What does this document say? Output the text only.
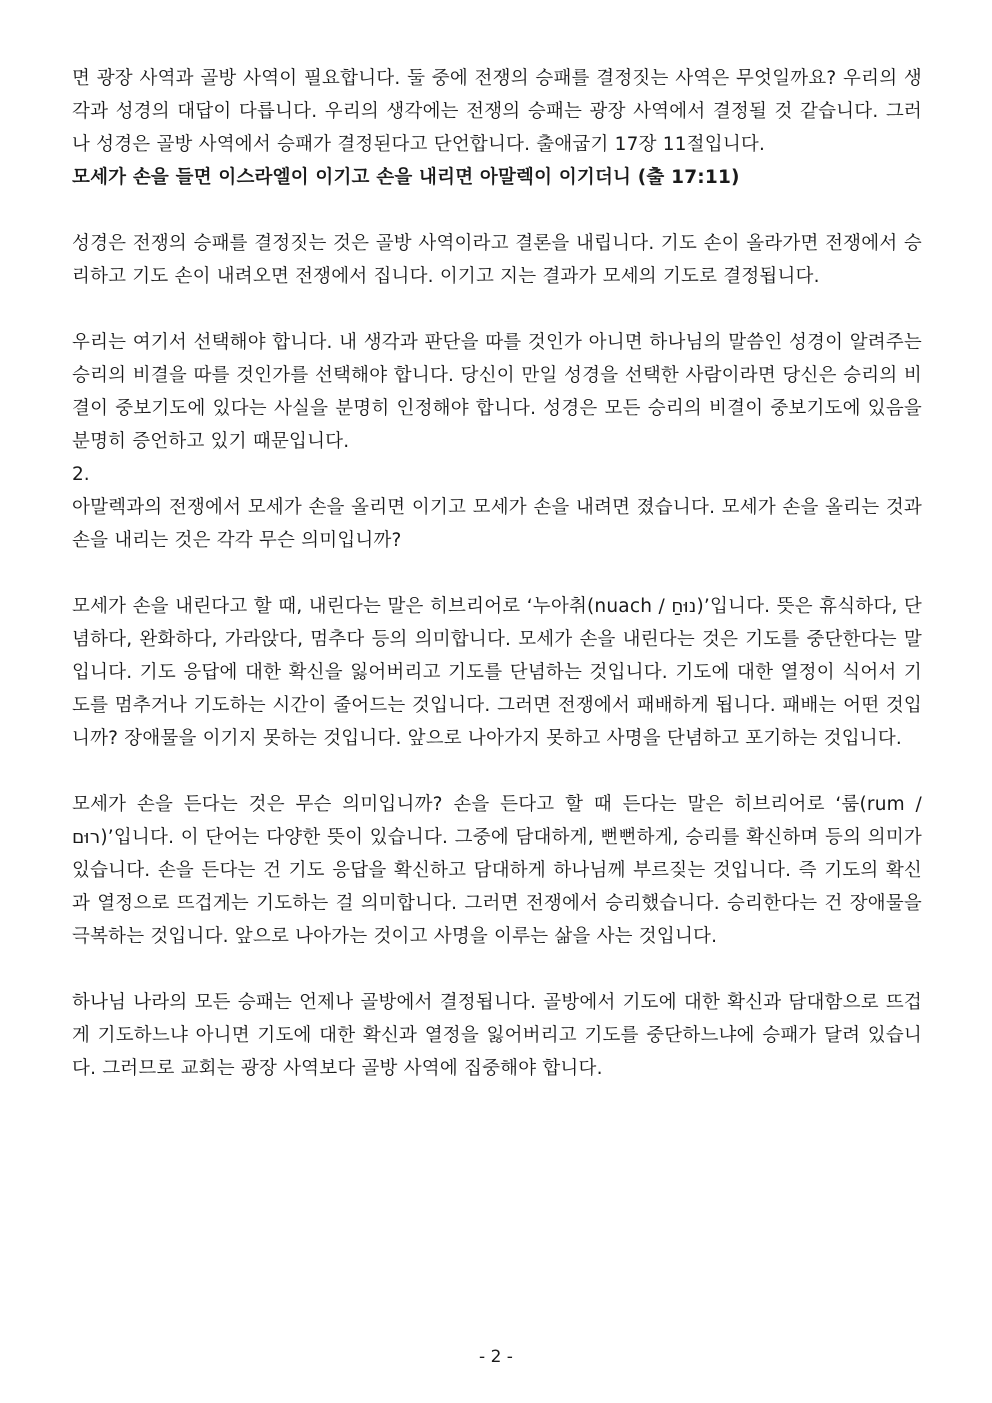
면 광장 사역과 골방 사역이 필요합니다. 둘 중에 전쟁의 승패를 결정짓는 사역은 무엇일까요? 우리의 생각과 성경의 대답이 다릅니다. 우리의 생각에는 전쟁의 승패는 광장 사역에서 결정될 것 같습니다. 그러나 성경은 골방 사역에서 승패가 결정된다고 단언합니다. 출애굽기 17장 11절입니다.

모세가 손을 들면 이스라엘이 이기고 손을 내리면 아말렉이 이기더니 (출 17:11)

성경은 전쟁의 승패를 결정짓는 것은 골방 사역이라고 결론을 내립니다. 기도 손이 올라가면 전쟁에서 승리하고 기도 손이 내려오면 전쟁에서 집니다. 이기고 지는 결과가 모세의 기도로 결정됩니다.

우리는 여기서 선택해야 합니다. 내 생각과 판단을 따를 것인가 아니면 하나님의 말씀인 성경이 알려주는 승리의 비결을 따를 것인가를 선택해야 합니다. 당신이 만일 성경을 선택한 사람이라면 당신은 승리의 비결이 중보기도에 있다는 사실을 분명히 인정해야 합니다. 성경은 모든 승리의 비결이 중보기도에 있음을 분명히 증언하고 있기 때문입니다.

2.

아말렉과의 전쟁에서 모세가 손을 올리면 이기고 모세가 손을 내려면 졌습니다. 모세가 손을 올리는 것과 손을 내리는 것은 각각 무슨 의미입니까?

모세가 손을 내린다고 할 때, 내린다는 말은 히브리어로 ‘누아취(nuach / נוּחַ)’입니다. 뜻은 휴식하다, 단념하다, 완화하다, 가라앉다, 멈추다 등의 의미합니다. 모세가 손을 내린다는 것은 기도를 중단한다는 말입니다. 기도 응답에 대한 확신을 잃어버리고 기도를 단념하는 것입니다. 기도에 대한 열정이 식어서 기도를 멈추거나 기도하는 시간이 줄어드는 것입니다. 그러면 전쟁에서 패배하게 됩니다. 패배는 어떤 것입니까? 장애물을 이기지 못하는 것입니다. 앞으로 나아가지 못하고 사명을 단념하고 포기하는 것입니다.

모세가 손을 든다는 것은 무슨 의미입니까? 손을 든다고 할 때 든다는 말은 히브리어로 ‘룸(rum / רוּם)’입니다. 이 단어는 다양한 뜻이 있습니다. 그중에 담대하게, 뻔뻔하게, 승리를 확신하며 등의 의미가 있습니다. 손을 든다는 건 기도 응답을 확신하고 담대하게 하나님께 부르짖는 것입니다. 즉 기도의 확신과 열정으로 뜨겁게는 기도하는 걸 의미합니다. 그러면 전쟁에서 승리했습니다. 승리한다는 건 장애물을 극복하는 것입니다. 앞으로 나아가는 것이고 사명을 이루는 삶을 사는 것입니다.

하나님 나라의 모든 승패는 언제나 골방에서 결정됩니다. 골방에서 기도에 대한 확신과 담대함으로 뜨겁게 기도하느냐 아니면 기도에 대한 확신과 열정을 잃어버리고 기도를 중단하느냐에 승패가 달려 있습니다. 그러므로 교회는 광장 사역보다 골방 사역에 집중해야 합니다.

- 2 -
